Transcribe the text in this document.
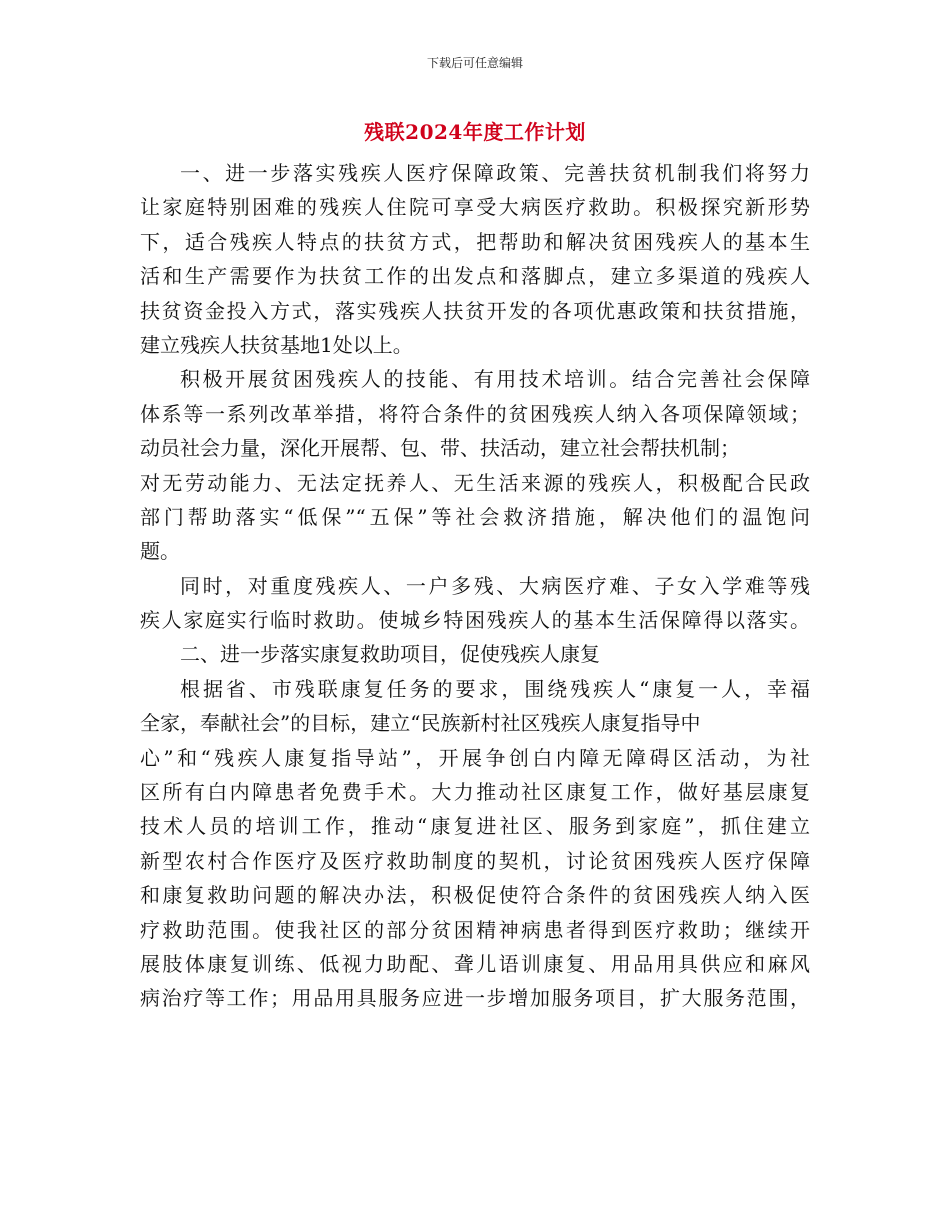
下载后可任意编辑
残联2024年度工作计划
一、进一步落实残疾人医疗保障政策、完善扶贫机制我们将努力
让家庭特别困难的残疾人住院可享受大病医疗救助。积极探究新形势
下，适合残疾人特点的扶贫方式，把帮助和解决贫困残疾人的基本生
活和生产需要作为扶贫工作的出发点和落脚点，建立多渠道的残疾人
扶贫资金投入方式，落实残疾人扶贫开发的各项优惠政策和扶贫措施，
建立残疾人扶贫基地1处以上。
积极开展贫困残疾人的技能、有用技术培训。结合完善社会保障
体系等一系列改革举措，将符合条件的贫困残疾人纳入各项保障领域；
动员社会力量，深化开展帮、包、带、扶活动，建立社会帮扶机制；
对无劳动能力、无法定抚养人、无生活来源的残疾人，积极配合民政
部门帮助落实“低保”“五保”等社会救济措施，解决他们的温饱问
题。
同时，对重度残疾人、一户多残、大病医疗难、子女入学难等残
疾人家庭实行临时救助。使城乡特困残疾人的基本生活保障得以落实。
二、进一步落实康复救助项目，促使残疾人康复
根据省、市残联康复任务的要求，围绕残疾人“康复一人，幸福
全家，奉献社会”的目标，建立“民族新村社区残疾人康复指导中
心”和“残疾人康复指导站”，开展争创白内障无障碍区活动，为社
区所有白内障患者免费手术。大力推动社区康复工作，做好基层康复
技术人员的培训工作，推动“康复进社区、服务到家庭”，抓住建立
新型农村合作医疗及医疗救助制度的契机，讨论贫困残疾人医疗保障
和康复救助问题的解决办法，积极促使符合条件的贫困残疾人纳入医
疗救助范围。使我社区的部分贫困精神病患者得到医疗救助；继续开
展肢体康复训练、低视力助配、聋儿语训康复、用品用具供应和麻风
病治疗等工作；用品用具服务应进一步增加服务项目，扩大服务范围，
